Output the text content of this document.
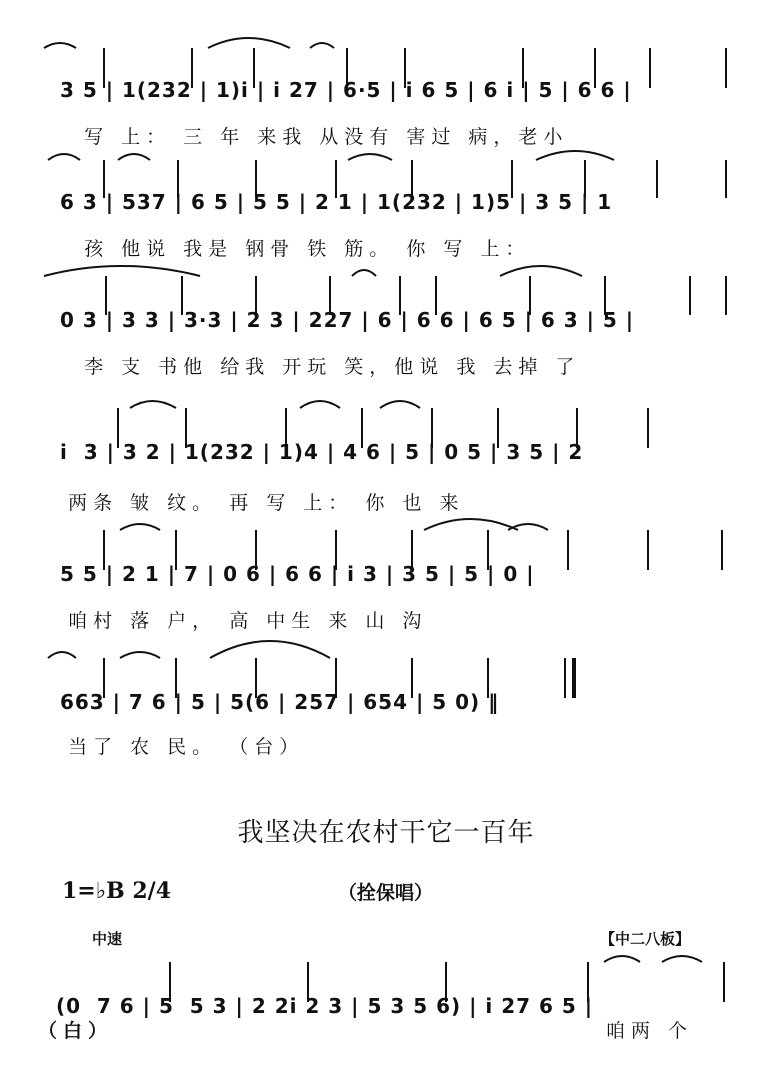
3 5 | 1(232 | 1)i | i 27 | 6·5 | i 6 5 | 6 i | 5 | 6 6 |

写 上： 三 年 来我 从没有 害过 病，老小

6 3 | 537 | 6 5 | 5 5 | 2 1 | 1(232 | 1)5 | 3 5 | 1

孩 他说 我是 钢骨 铁 筋。 你 写 上：

0 3 | 3 3 | 3·3 | 2 3 | 227 | 6 | 6 6 | 6 5 | 6 3 | 5 |

李 支 书他 给我 开玩 笑，他说 我 去掉 了

i  3 | 3 2 | 1(232 | 1)4 | 4 6 | 5 | 0 5 | 3 5 | 2

两条 皱 纹。 再 写 上： 你 也 来

5 5 | 2 1 | 7 | 0 6 | 6 6 | i 3 | 3 5 | 5 | 0 |

咱村 落 户， 高 中生 来 山 沟

663 | 7 6 | 5 | 5(6 | 257 | 654 | 5 0) ‖

当了 农 民。 （台）

我坚决在农村干它一百年
1=♭B 2/4	（拴保唱）
中速	【中二八板】

(0  7 6 | 5  5 3 | 2 2i 2 3 | 5 3 5 6) | i 27 6 5 |

（白）	咱两 个
